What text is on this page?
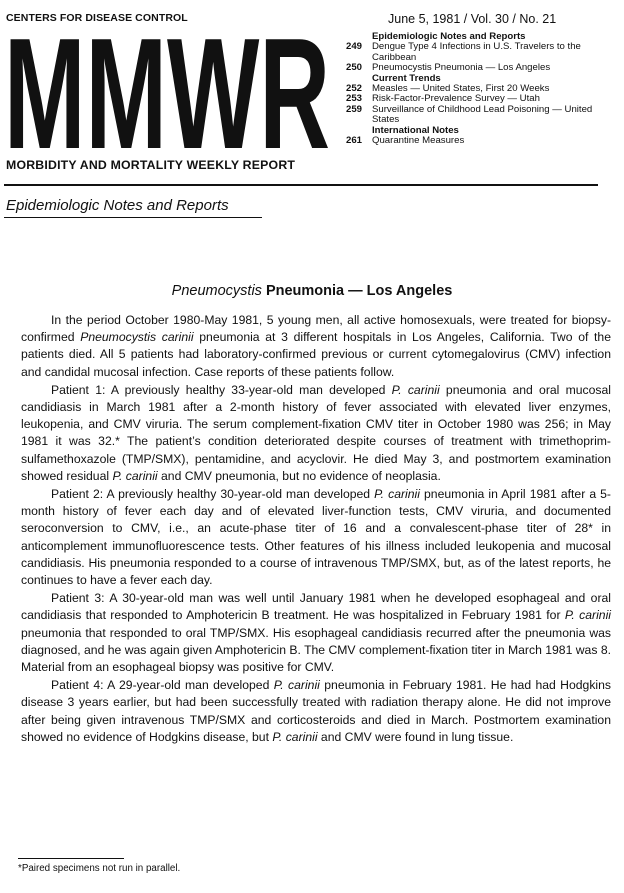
CENTERS FOR DISEASE CONTROL	June 5, 1981 / Vol. 30 / No. 21
MMWR
MORBIDITY AND MORTALITY WEEKLY REPORT
Epidemiologic Notes and Reports
249	Dengue Type 4 Infections in U.S. Travelers to the Caribbean
250	Pneumocystis Pneumonia — Los Angeles
Current Trends
252	Measles — United States, First 20 Weeks
253	Risk-Factor-Prevalence Survey — Utah
259	Surveillance of Childhood Lead Poisoning — United States
International Notes
261	Quarantine Measures
Epidemiologic Notes and Reports
Pneumocystis Pneumonia — Los Angeles

In the period October 1980-May 1981, 5 young men, all active homosexuals, were treated for biopsy-confirmed Pneumocystis carinii pneumonia at 3 different hospitals in Los Angeles, California. Two of the patients died. All 5 patients had laboratory-confirmed previous or current cytomegalovirus (CMV) infection and candidal mucosal infection. Case reports of these patients follow.

Patient 1: A previously healthy 33-year-old man developed P. carinii pneumonia and oral mucosal candidiasis in March 1981 after a 2-month history of fever associated with elevated liver enzymes, leukopenia, and CMV viruria. The serum complement-fixation CMV titer in October 1980 was 256; in May 1981 it was 32.* The patient’s condition deteriorated despite courses of treatment with trimethoprim-sulfamethoxazole (TMP/SMX), pentamidine, and acyclovir. He died May 3, and postmortem examination showed residual P. carinii and CMV pneumonia, but no evidence of neoplasia.

Patient 2: A previously healthy 30-year-old man developed P. carinii pneumonia in April 1981 after a 5-month history of fever each day and of elevated liver-function tests, CMV viruria, and documented seroconversion to CMV, i.e., an acute-phase titer of 16 and a convalescent-phase titer of 28* in anticomplement immunofluorescence tests. Other features of his illness included leukopenia and mucosal candidiasis. His pneumonia responded to a course of intravenous TMP/SMX, but, as of the latest reports, he continues to have a fever each day.

Patient 3: A 30-year-old man was well until January 1981 when he developed esophageal and oral candidiasis that responded to Amphotericin B treatment. He was hospitalized in February 1981 for P. carinii pneumonia that responded to oral TMP/SMX. His esophageal candidiasis recurred after the pneumonia was diagnosed, and he was again given Amphotericin B. The CMV complement-fixation titer in March 1981 was 8. Material from an esophageal biopsy was positive for CMV.

Patient 4: A 29-year-old man developed P. carinii pneumonia in February 1981. He had had Hodgkins disease 3 years earlier, but had been successfully treated with radiation therapy alone. He did not improve after being given intravenous TMP/SMX and corticosteroids and died in March. Postmortem examination showed no evidence of Hodgkins disease, but P. carinii and CMV were found in lung tissue.

*Paired specimens not run in parallel.
